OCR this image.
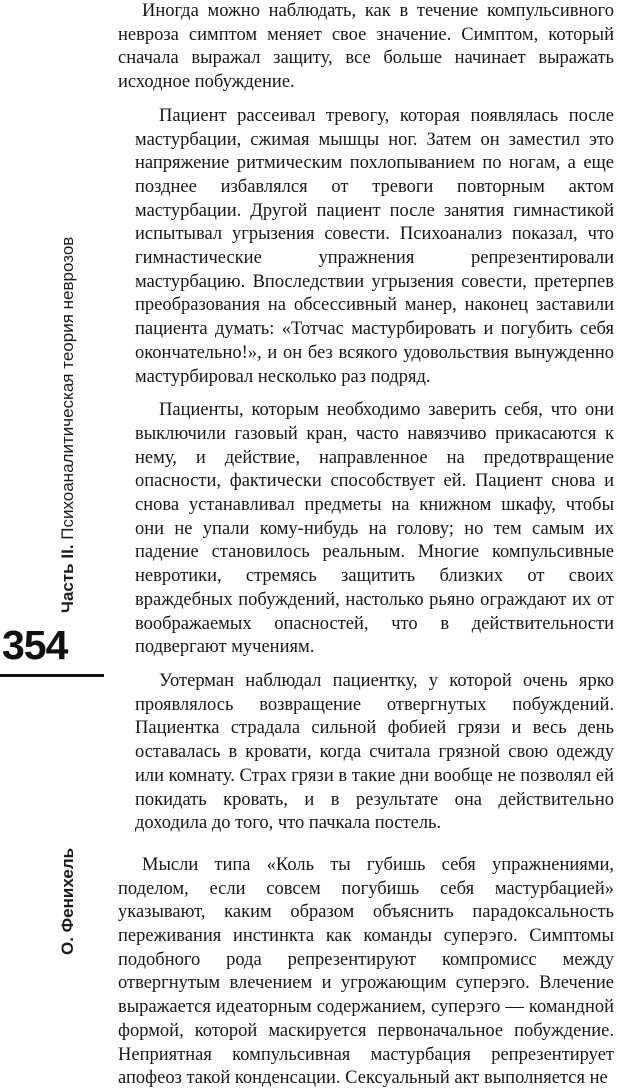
Часть II. Психоаналитическая теория неврозов
354
О. Фенихель

Иногда можно наблюдать, как в течение компульсивного невроза симптом меняет свое значение. Симптом, который сначала выражал защиту, все больше начинает выражать исходное побуждение.

Пациент рассеивал тревогу, которая появлялась после мастурбации, сжимая мышцы ног. Затем он заместил это напряжение ритмическим похлопыванием по ногам, а еще позднее избавлялся от тревоги повторным актом мастурбации. Другой пациент после занятия гимнастикой испытывал угрызения совести. Психоанализ показал, что гимнастические упражнения репрезентировали мастурбацию. Впоследствии угрызения совести, претерпев преобразования на обсессивный манер, наконец заставили пациента думать: «Тотчас мастурбировать и погубить себя окончательно!», и он без всякого удовольствия вынужденно мастурбировал несколько раз подряд.

Пациенты, которым необходимо заверить себя, что они выключили газовый кран, часто навязчиво прикасаются к нему, и действие, направленное на предотвращение опасности, фактически способствует ей. Пациент снова и снова устанавливал предметы на книжном шкафу, чтобы они не упали кому-нибудь на голову; но тем самым их падение становилось реальным. Многие компульсивные невротики, стремясь защитить близких от своих враждебных побуждений, настолько рьяно ограждают их от воображаемых опасностей, что в действительности подвергают мучениям.

Уотерман наблюдал пациентку, у которой очень ярко проявлялось возвращение отвергнутых побуждений. Пациентка страдала сильной фобией грязи и весь день оставалась в кровати, когда считала грязной свою одежду или комнату. Страх грязи в такие дни вообще не позволял ей покидать кровать, и в результате она действительно доходила до того, что пачкала постель.

Мысли типа «Коль ты губишь себя упражнениями, поделом, если совсем погубишь себя мастурбацией» указывают, каким образом объяснить парадоксальность переживания инстинкта как команды суперэго. Симптомы подобного рода репрезентируют компромисс между отвергнутым влечением и угрожающим суперэго. Влечение выражается идеаторным содержанием, суперэго — командной формой, которой маскируется первоначальное побуждение. Неприятная компульсивная мастурбация репрезентирует апофеоз такой конденсации. Сексуальный акт выполняется не
